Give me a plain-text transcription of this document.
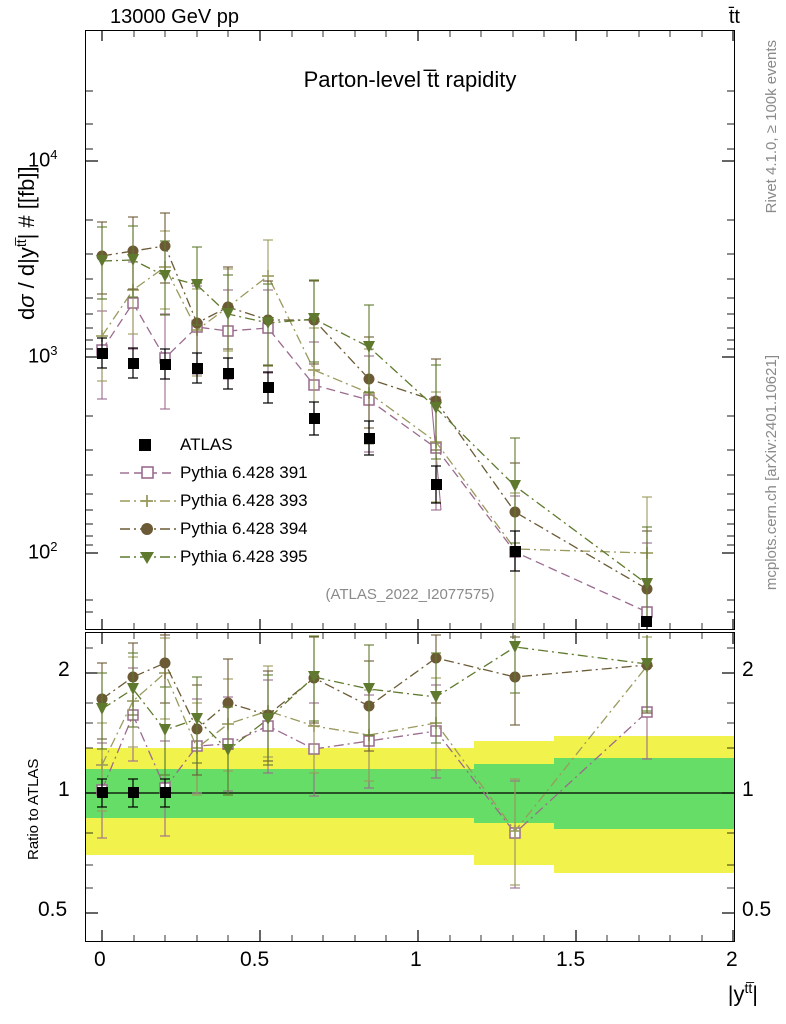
13000 GeV pp	t̄t
Rivet 4.1.0, ≥ 100k events
mcplots.cern.ch [arXiv:2401.10621]
dσ / $d|y^{tt̅}|$ # [[fb]]
Ratio to ATLAS
Parton-level t̅t rapidity
(ATLAS_2022_I2077575)
ATLAS
Pythia 6.428 391
Pythia 6.428 393
Pythia 6.428 394
Pythia 6.428 395
$10^4$
$10^3$
$10^2$
2
1
0.5
2
1
0.5
0	0.5	1	1.5	2
$|y^{tt̅}|$
